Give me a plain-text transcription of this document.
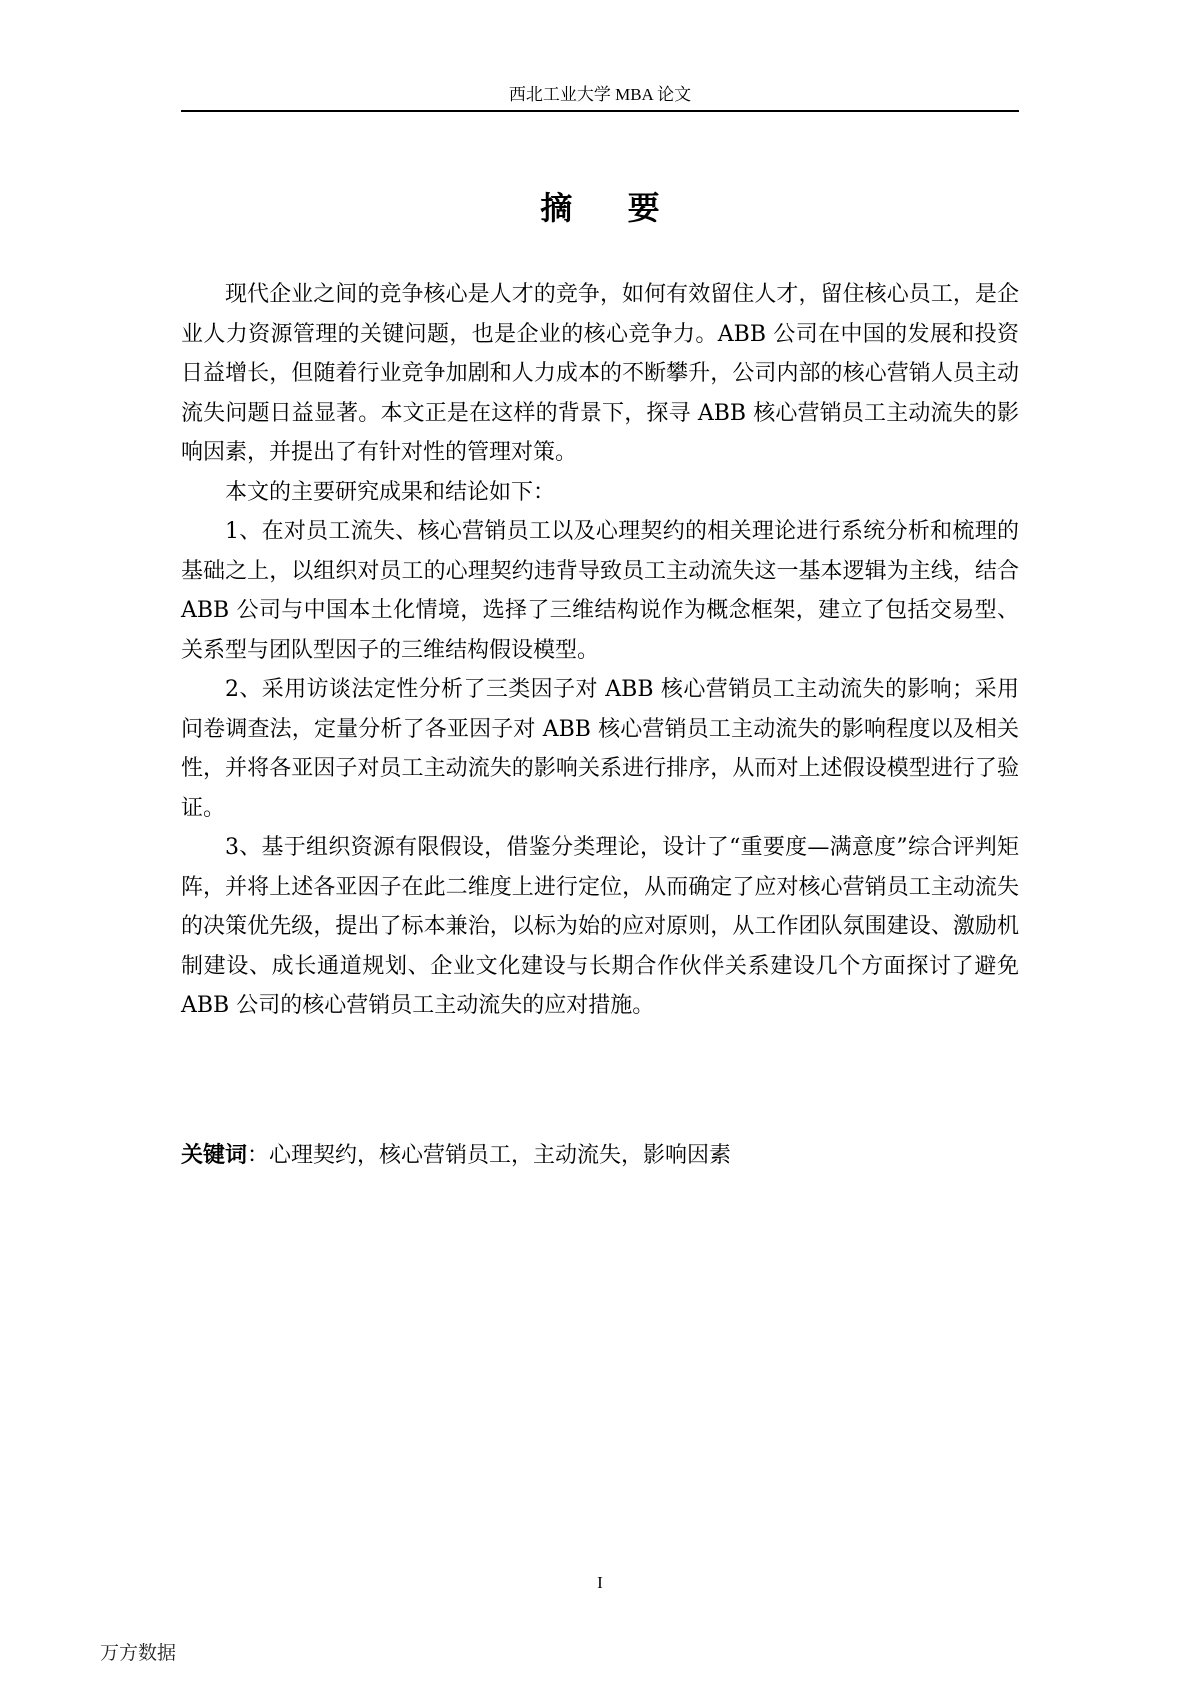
西北工业大学 MBA 论文
摘 要

现代企业之间的竞争核心是人才的竞争，如何有效留住人才，留住核心员工，是企业人力资源管理的关键问题，也是企业的核心竞争力。ABB 公司在中国的发展和投资日益增长，但随着行业竞争加剧和人力成本的不断攀升，公司内部的核心营销人员主动流失问题日益显著。本文正是在这样的背景下，探寻 ABB 核心营销员工主动流失的影响因素，并提出了有针对性的管理对策。

本文的主要研究成果和结论如下：

1、在对员工流失、核心营销员工以及心理契约的相关理论进行系统分析和梳理的基础之上，以组织对员工的心理契约违背导致员工主动流失这一基本逻辑为主线，结合 ABB 公司与中国本土化情境，选择了三维结构说作为概念框架，建立了包括交易型、关系型与团队型因子的三维结构假设模型。

2、采用访谈法定性分析了三类因子对 ABB 核心营销员工主动流失的影响；采用问卷调查法，定量分析了各亚因子对 ABB 核心营销员工主动流失的影响程度以及相关性，并将各亚因子对员工主动流失的影响关系进行排序，从而对上述假设模型进行了验证。

3、基于组织资源有限假设，借鉴分类理论，设计了“重要度—满意度”综合评判矩阵，并将上述各亚因子在此二维度上进行定位，从而确定了应对核心营销员工主动流失的决策优先级，提出了标本兼治，以标为始的应对原则，从工作团队氛围建设、激励机制建设、成长通道规划、企业文化建设与长期合作伙伴关系建设几个方面探讨了避免 ABB 公司的核心营销员工主动流失的应对措施。

关键词：心理契约，核心营销员工，主动流失，影响因素
I
万方数据
